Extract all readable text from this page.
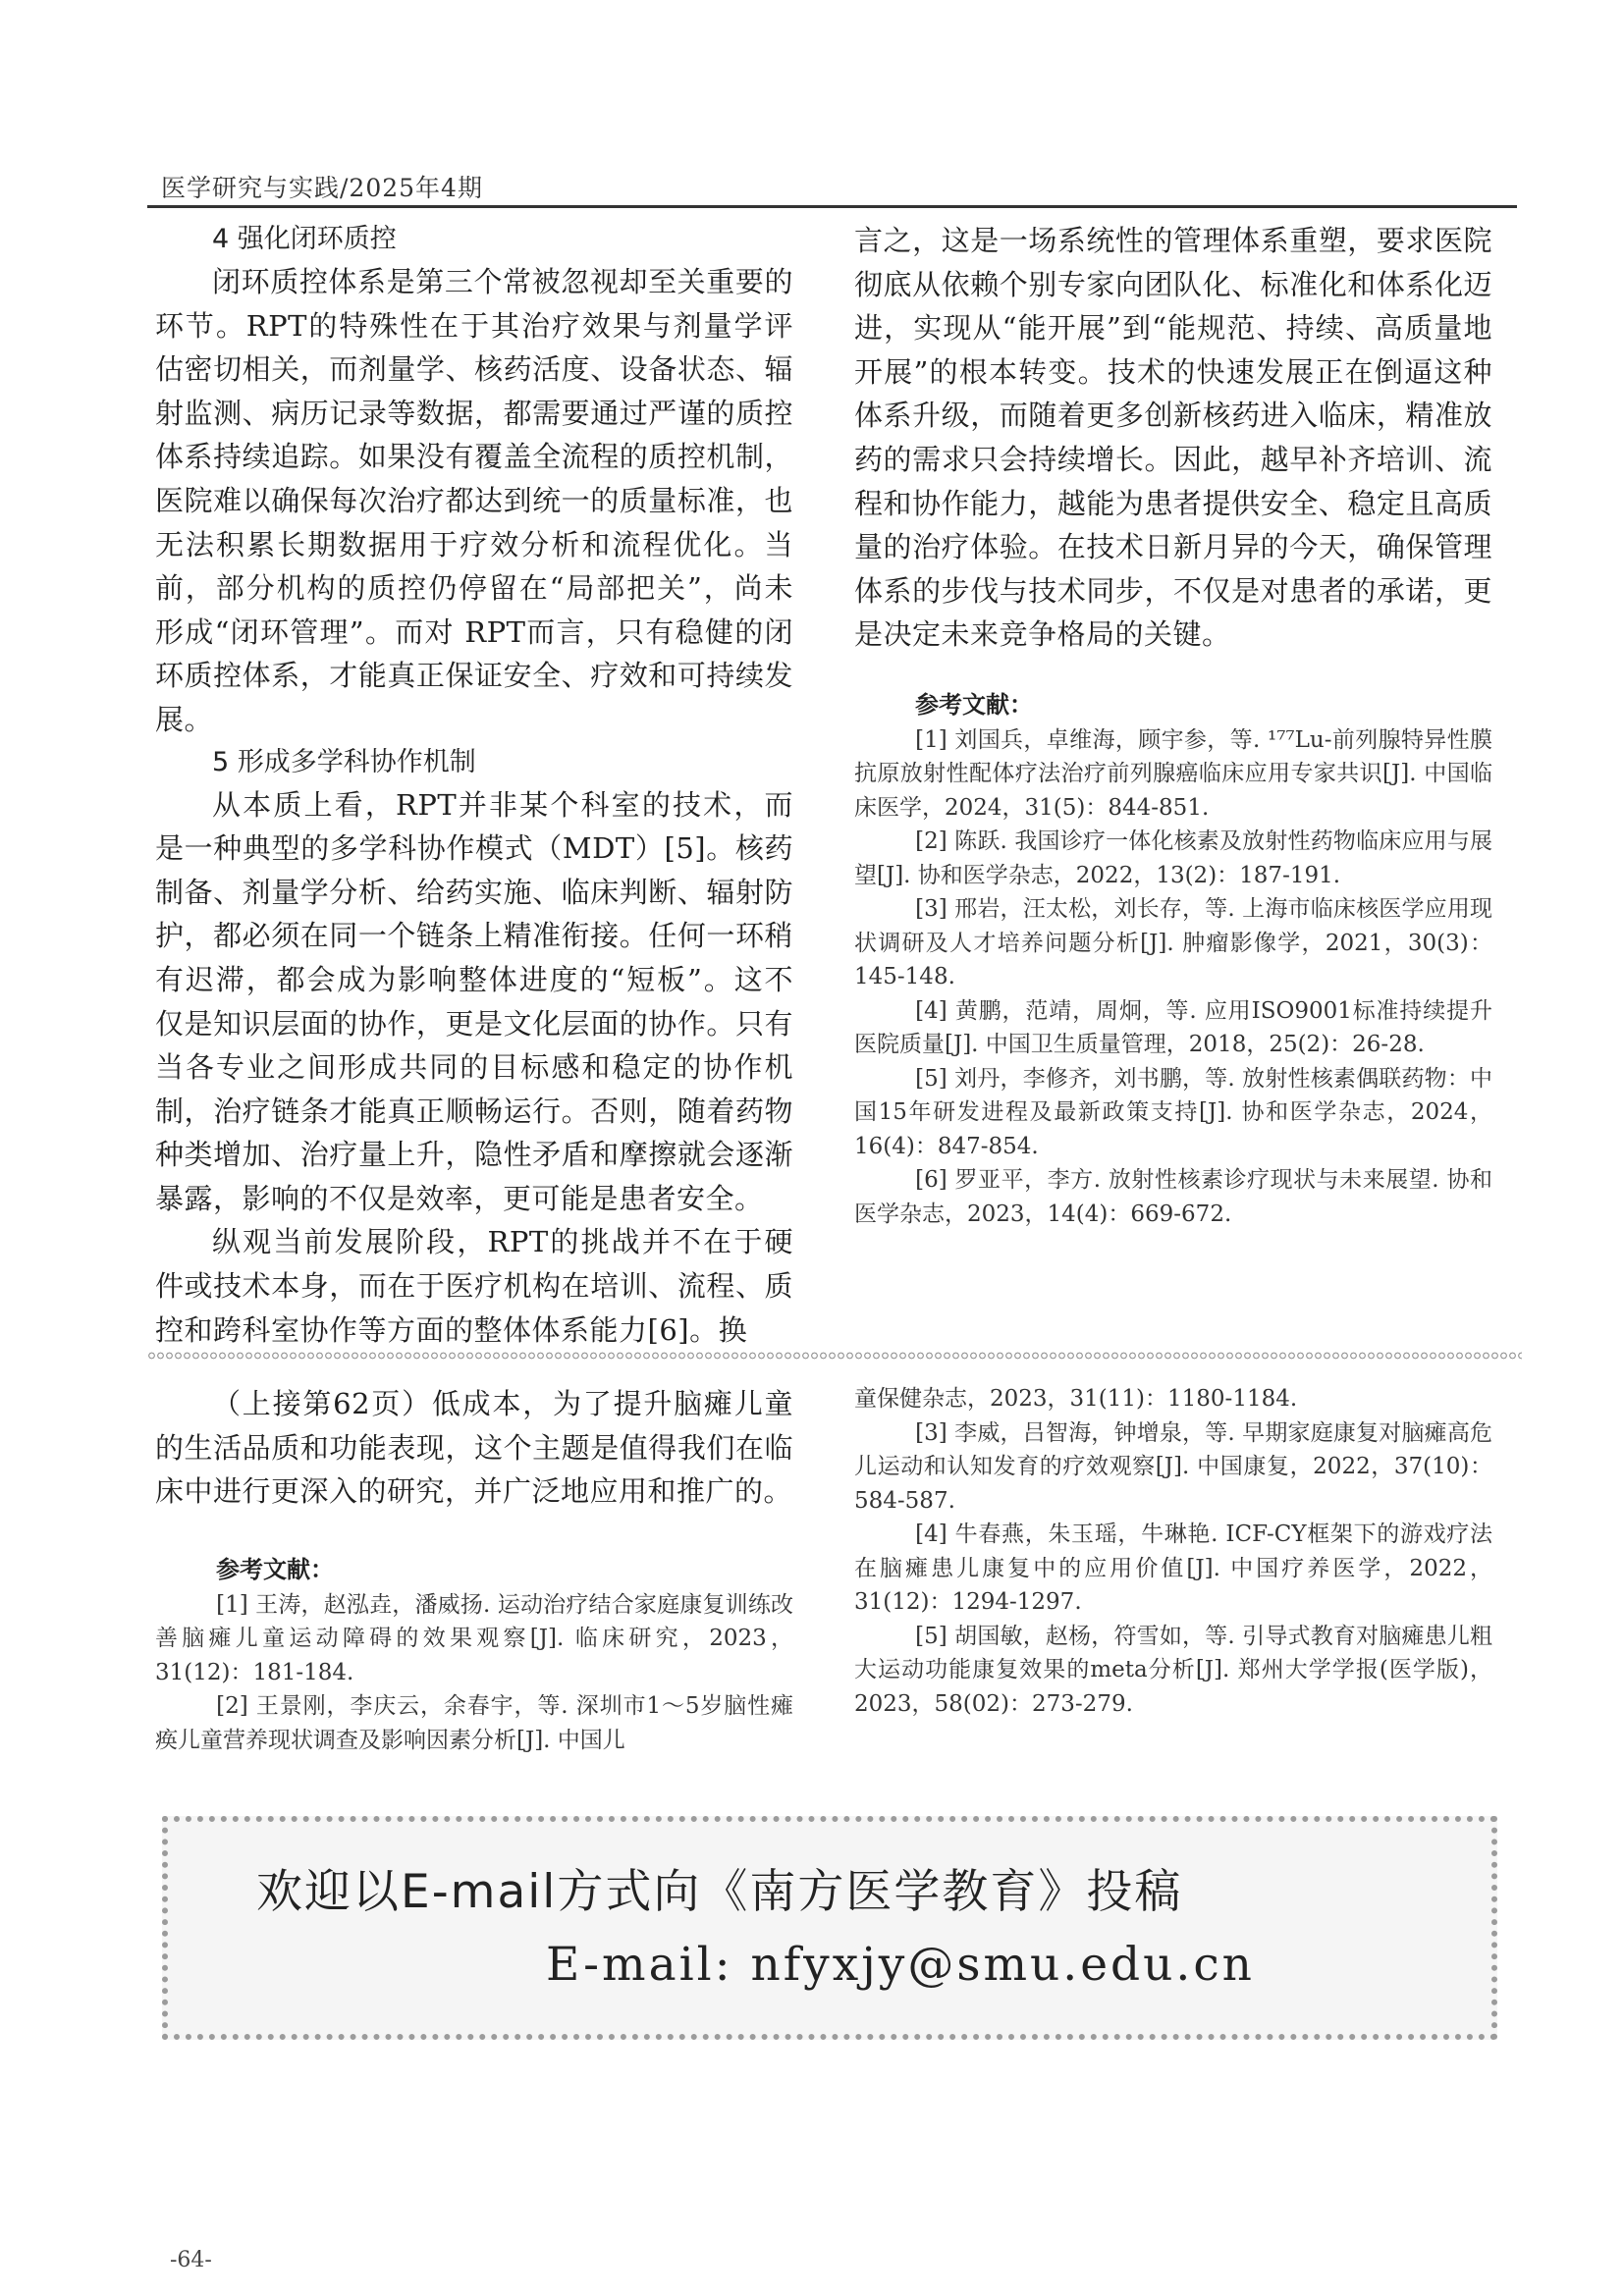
医学研究与实践/2025年4期
4 强化闭环质控

闭环质控体系是第三个常被忽视却至关重要的环节。RPT的特殊性在于其治疗效果与剂量学评估密切相关，而剂量学、核药活度、设备状态、辐射监测、病历记录等数据，都需要通过严谨的质控体系持续追踪。如果没有覆盖全流程的质控机制，医院难以确保每次治疗都达到统一的质量标准，也无法积累长期数据用于疗效分析和流程优化。当前，部分机构的质控仍停留在“局部把关”，尚未形成“闭环管理”。而对 RPT而言，只有稳健的闭环质控体系，才能真正保证安全、疗效和可持续发展。

5 形成多学科协作机制

从本质上看，RPT并非某个科室的技术，而是一种典型的多学科协作模式（MDT）[5]。核药制备、剂量学分析、给药实施、临床判断、辐射防护，都必须在同一个链条上精准衔接。任何一环稍有迟滞，都会成为影响整体进度的“短板”。这不仅是知识层面的协作，更是文化层面的协作。只有当各专业之间形成共同的目标感和稳定的协作机制，治疗链条才能真正顺畅运行。否则，随着药物种类增加、治疗量上升，隐性矛盾和摩擦就会逐渐暴露，影响的不仅是效率，更可能是患者安全。

纵观当前发展阶段，RPT的挑战并不在于硬件或技术本身，而在于医疗机构在培训、流程、质控和跨科室协作等方面的整体体系能力[6]。换

言之，这是一场系统性的管理体系重塑，要求医院彻底从依赖个别专家向团队化、标准化和体系化迈进，实现从“能开展”到“能规范、持续、高质量地开展”的根本转变。技术的快速发展正在倒逼这种体系升级，而随着更多创新核药进入临床，精准放药的需求只会持续增长。因此，越早补齐培训、流程和协作能力，越能为患者提供安全、稳定且高质量的治疗体验。在技术日新月异的今天，确保管理体系的步伐与技术同步，不仅是对患者的承诺，更是决定未来竞争格局的关键。

参考文献：

[1] 刘国兵，卓维海，顾宇参，等. ¹⁷⁷Lu-前列腺特异性膜抗原放射性配体疗法治疗前列腺癌临床应用专家共识[J]. 中国临床医学，2024，31(5)：844-851.

[2] 陈跃. 我国诊疗一体化核素及放射性药物临床应用与展望[J]. 协和医学杂志，2022，13(2)：187-191.

[3] 邢岩，汪太松，刘长存，等. 上海市临床核医学应用现状调研及人才培养问题分析[J]. 肿瘤影像学，2021，30(3)：145-148.

[4] 黄鹏，范靖，周炯，等. 应用ISO9001标准持续提升医院质量[J]. 中国卫生质量管理，2018，25(2)：26-28.

[5] 刘丹，李修齐，刘书鹏，等. 放射性核素偶联药物：中国15年研发进程及最新政策支持[J]. 协和医学杂志，2024，16(4)：847-854.

[6] 罗亚平，李方. 放射性核素诊疗现状与未来展望. 协和医学杂志，2023，14(4)：669-672.

（上接第62页）低成本，为了提升脑瘫儿童的生活品质和功能表现，这个主题是值得我们在临床中进行更深入的研究，并广泛地应用和推广的。

参考文献：

[1] 王涛，赵泓垚，潘威扬. 运动治疗结合家庭康复训练改善脑瘫儿童运动障碍的效果观察[J]. 临床研究，2023，31(12)：181-184.

[2] 王景刚，李庆云，余春宇，等. 深圳市1～5岁脑性瘫痪儿童营养现状调查及影响因素分析[J]. 中国儿

童保健杂志，2023，31(11)：1180-1184.

[3] 李威，吕智海，钟增泉，等. 早期家庭康复对脑瘫高危儿运动和认知发育的疗效观察[J]. 中国康复，2022，37(10)：584-587.

[4] 牛春燕，朱玉瑶，牛琳艳. ICF-CY框架下的游戏疗法在脑瘫患儿康复中的应用价值[J]. 中国疗养医学，2022，31(12)：1294-1297.

[5] 胡国敏，赵杨，符雪如，等. 引导式教育对脑瘫患儿粗大运动功能康复效果的meta分析[J]. 郑州大学学报(医学版)，2023，58(02)：273-279.

欢迎以E-mail方式向《南方医学教育》投稿
E-mail: nfyxjy@smu.edu.cn
-64-
